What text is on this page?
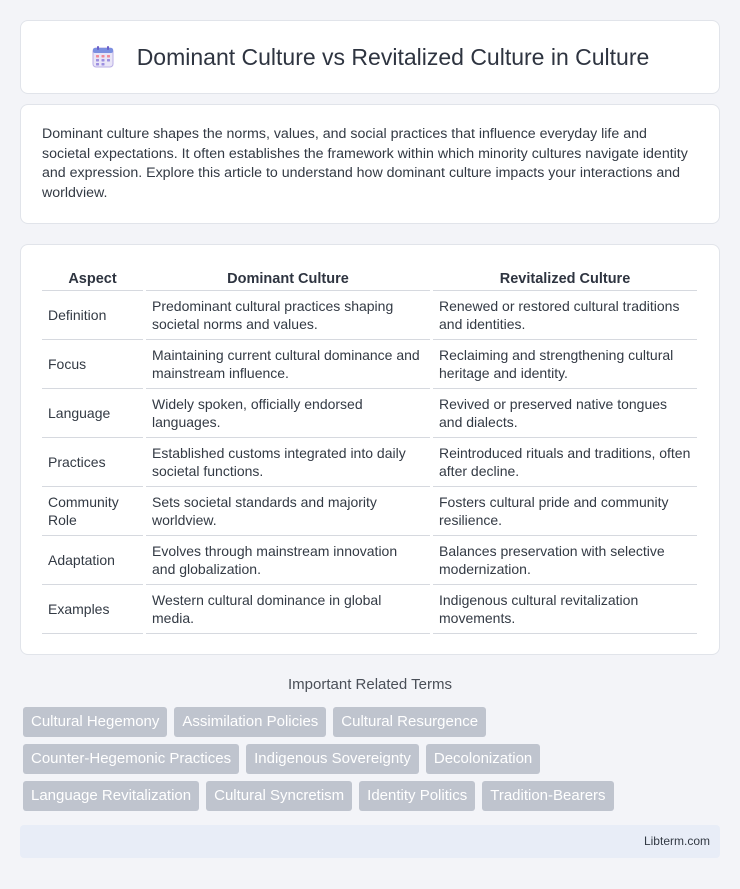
Dominant Culture vs Revitalized Culture in Culture

Dominant culture shapes the norms, values, and social practices that influence everyday life and societal expectations. It often establishes the framework within which minority cultures navigate identity and expression. Explore this article to understand how dominant culture impacts your interactions and worldview.

Aspect	Dominant Culture	Revitalized Culture
Definition	Predominant cultural practices shaping societal norms and values.	Renewed or restored cultural traditions and identities.
Focus	Maintaining current cultural dominance and mainstream influence.	Reclaiming and strengthening cultural heritage and identity.
Language	Widely spoken, officially endorsed languages.	Revived or preserved native tongues and dialects.
Practices	Established customs integrated into daily societal functions.	Reintroduced rituals and traditions, often after decline.
Community Role	Sets societal standards and majority worldview.	Fosters cultural pride and community resilience.
Adaptation	Evolves through mainstream innovation and globalization.	Balances preservation with selective modernization.
Examples	Western cultural dominance in global media.	Indigenous cultural revitalization movements.
Important Related Terms
Cultural Hegemony	Assimilation Policies	Cultural Resurgence
Counter-Hegemonic Practices	Indigenous Sovereignty	Decolonization
Language Revitalization	Cultural Syncretism	Identity Politics	Tradition-Bearers
Libterm.com
